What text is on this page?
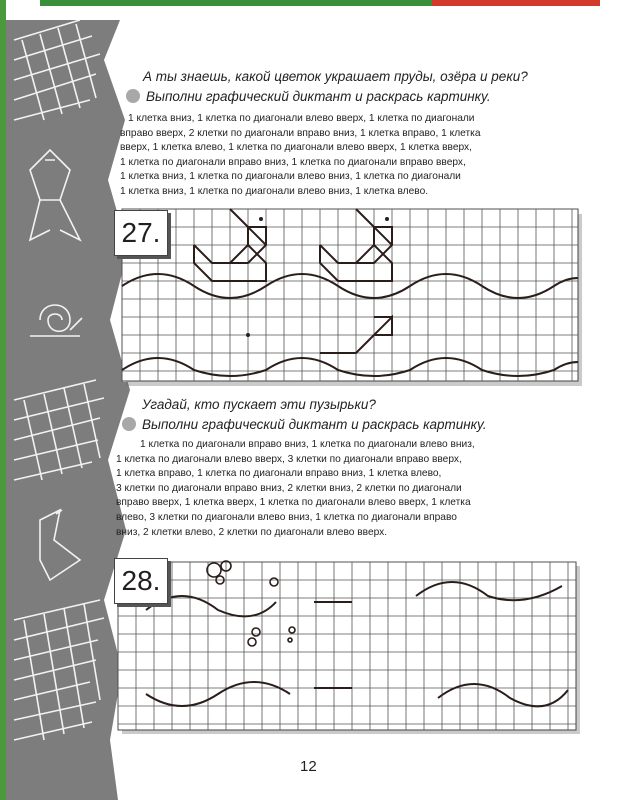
А ты знаешь, какой цветок украшает пруды, озёра и реки?
Выполни графический диктант и раскрась картинку.
1 клетка вниз, 1 клетка по диагонали влево вверх, 1 клетка по диагонали
вправо вверх, 2 клетки по диагонали вправо вниз, 1 клетка вправо, 1 клетка
вверх, 1 клетка влево, 1 клетка по диагонали влево вверх, 1 клетка вверх,
1 клетка по диагонали вправо вниз, 1 клетка по диагонали вправо вверх,
1 клетка вниз, 1 клетка по диагонали влево вниз, 1 клетка по диагонали
1 клетка вниз, 1 клетка по диагонали влево вниз, 1 клетка влево.
27.
Угадай, кто пускает эти пузырьки?
Выполни графический диктант и раскрась картинку.
1 клетка по диагонали вправо вниз, 1 клетка по диагонали влево вниз,
1 клетка по диагонали влево вверх, 3 клетки по диагонали вправо вверх,
1 клетка вправо, 1 клетка по диагонали вправо вниз, 1 клетка влево,
3 клетки по диагонали вправо вниз, 2 клетки вниз, 2 клетки по диагонали
вправо вверх, 1 клетка вверх, 1 клетка по диагонали влево вверх, 1 клетка
влево, 3 клетки по диагонали влево вниз, 1 клетка по диагонали вправо
вниз, 2 клетки влево, 2 клетки по диагонали влево вверх.
28.
12
